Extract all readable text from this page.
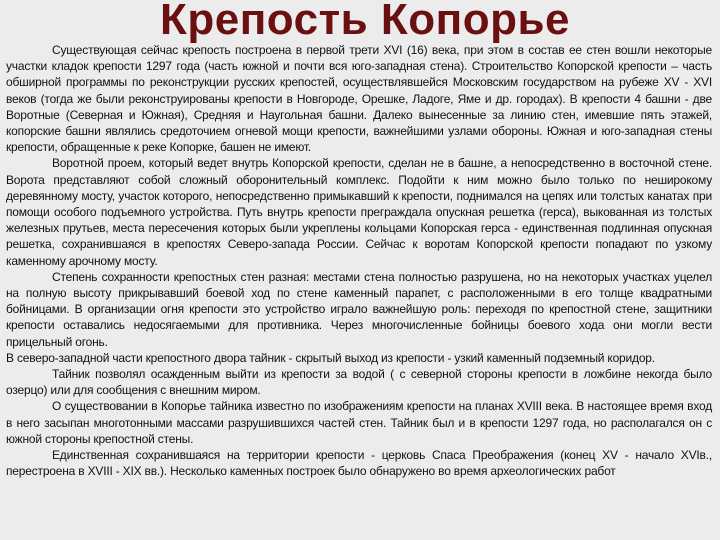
Крепость Копорье

Существующая сейчас крепость построена в первой трети XVI (16) века, при этом в состав ее стен вошли некоторые участки кладок крепости 1297 года (часть южной и почти вся юго-западная стена). Строительство Копорской крепости – часть обширной программы по реконструкции русских крепостей, осуществлявшейся Московским государством на рубеже XV - XVI веков (тогда же были реконструированы крепости в Новгороде, Орешке, Ладоге, Яме и др. городах). В крепости 4 башни - две Воротные (Северная и Южная), Средняя и Наугольная башни. Далеко вынесенные за линию стен, имевшие пять этажей, копорские башни являлись средоточием огневой мощи крепости, важнейшими узлами обороны. Южная и юго-западная стены крепости, обращенные к реке Копорке, башен не имеют.

Воротной проем, который ведет внутрь Копорской крепости, сделан не в башне, а непосредственно в восточной стене. Ворота представляют собой сложный оборонительный комплекс. Подойти к ним можно было только по неширокому деревянному мосту, участок которого, непосредственно примыкавший к крепости, поднимался на цепях или толстых канатах при помощи особого подъемного устройства. Путь внутрь крепости преграждала опускная решетка (герса), выкованная из толстых железных прутьев, места пересечения которых были укреплены кольцами Копорская герса - единственная подлинная опускная решетка, сохранившаяся в крепостях Северо-запада России. Сейчас к воротам Копорской крепости попадают по узкому каменному арочному мосту.

Степень сохранности крепостных стен разная: местами стена полностью разрушена, но на некоторых участках уцелел на полную высоту прикрывавший боевой ход по стене каменный парапет, с расположенными в его толще квадратными бойницами. В организации огня крепости это устройство играло важнейшую роль: переходя по крепостной стене, защитники крепости оставались недосягаемыми для противника. Через многочисленные бойницы боевого хода они могли вести прицельный огонь.

В северо-западной части крепостного двора тайник - скрытый выход из крепости - узкий каменный подземный коридор.

Тайник позволял осажденным выйти из крепости за водой ( с северной стороны крепости в ложбине некогда было озерцо) или для сообщения с внешним миром.

О существовании в Копорье тайника известно по изображениям крепости на планах XVIII века. В настоящее время вход в него засыпан многотонными массами разрушившихся частей стен. Тайник был и в крепости 1297 года, но располагался он с южной стороны крепостной стены.

Единственная сохранившаяся на территории крепости - церковь Спаса Преображения (конец XV - начало XVIв., перестроена в XVIII - XIX вв.). Несколько каменных построек было обнаружено во время археологических работ
